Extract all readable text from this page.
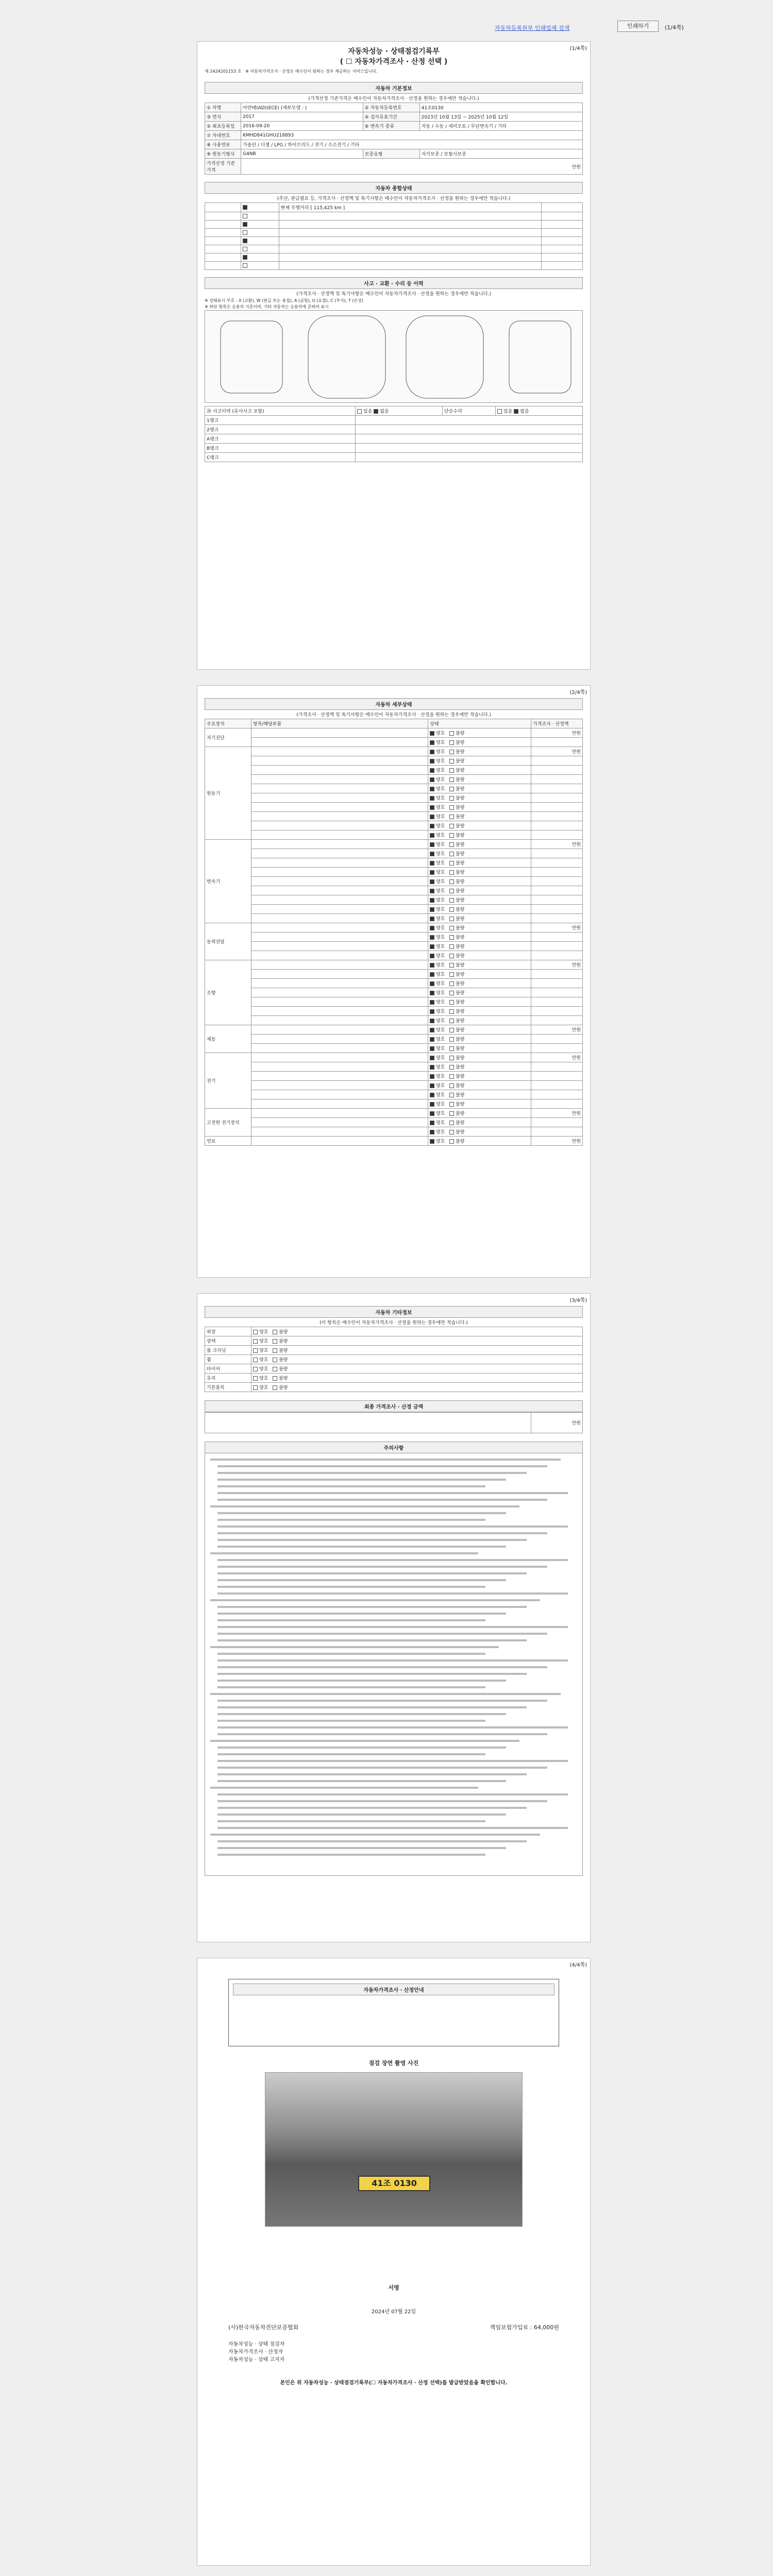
자동차등록원부 인쇄업체 검색	인쇄하기	(1/4쪽)
(1/4쪽)
자동차성능 · 상태점검기록부
( ☐ 자동차가격조사 · 산정 선택 )
제 2424201153 호 ※ 자동차가격조사 · 산정은 매수인이 원하는 경우 제공하는 서비스입니다.
자동차 기본정보
(가격산정 기준가격은 매수인이 자동차가격조사 · 산정을 원하는 경우에만 적습니다.)
① 차명	아반떼(AD)(ECE) (세부모델 : )	② 자동차등록번호	41조0130
③ 연식	2017	④ 검사유효기간	2023년 10월 13일 ~ 2025년 10월 12일
⑤ 최초등록일	2016-09-20	⑥ 변속기 종류	자동 / 수동 / 세미오토 / 무단변속기 / 기타
⑦ 차대번호	KMHD841GHU218893		
⑧ 사용연료	가솔린 / 디젤 / LPG / 하이브리드 / 전기 / 수소전기 / 기타		
⑨ 원동기형식	G4NB	보증유형	자가보증 / 보험사보증
가격산정 기준가격	만원		
자동차 종합상태
(추산, 판금필요 등, 가격조사 · 산정액 및 특기사항은 매수인이 자동차가격조사 · 산정을 원하는 경우에만 적습니다.)
		현재 주행거리 [ 115,425 km ]	

사고 · 교환 · 수리 등 이력
(가격조사 · 산정액 및 특기사항은 매수인이 자동차가격조사 · 산정을 원하는 경우에만 적습니다.)
※ 상태표시 부호 : X (교환), W (판금 또는 용접), A (긁힘), U (요철), C (부식), T (손상)
※ 하단 항목은 승용차 기준이며, 기타 자동차는 승용차에 준하여 표시
⑳ 사고이력 (유사사고 포함)	있음 없음	단순수리	있음 없음
1랭크			
2랭크			
A랭크			
B랭크			
C랭크			
(2/4쪽)
자동차 세부상태
(가격조사 · 산정액 및 특기사항은 매수인이 자동차가격조사 · 산정을 원하는 경우에만 적습니다.)
주요장치	항목/해당부품	상태	가격조사 · 산정액
자기진단		양호   불량	만원
		양호   불량	
원동기		양호   불량	만원
		양호   불량	
		양호   불량	
		양호   불량	
		양호   불량	
		양호   불량	
		양호   불량	
		양호   불량	
		양호   불량	
		양호   불량	
변속기		양호   불량	만원
		양호   불량	
		양호   불량	
		양호   불량	
		양호   불량	
		양호   불량	
		양호   불량	
		양호   불량	
		양호   불량	
동력전달		양호   불량	만원
		양호   불량	
		양호   불량	
		양호   불량	
조향		양호   불량	만원
		양호   불량	
		양호   불량	
		양호   불량	
		양호   불량	
		양호   불량	
		양호   불량	
제동		양호   불량	만원
		양호   불량	
		양호   불량	
전기		양호   불량	만원
		양호   불량	
		양호   불량	
		양호   불량	
		양호   불량	
		양호   불량	
고전원 전기장치		양호   불량	만원
		양호   불량	
		양호   불량	
연료		양호   불량	만원
(3/4쪽)
자동차 기타정보
(이 항목은 매수인이 자동차가격조사 · 산정을 원하는 경우에만 적습니다.)
외장	양호   불량
광택	양호   불량
룸 크리닝	양호   불량
휠	양호   불량
타이어	양호   불량
유리	양호   불량
기본품목	양호   불량
최종 가격조사 · 산정 금액
	만원
주의사항
(4/4쪽)
자동차가격조사 · 산정안내
점검 장면 촬영 사진
41조 0130
서명
2024년 07월 22일
(사)한국자동차진단보증협회	책임보험가입료 : 64,000원
자동차성능 · 상태 점검자
자동차가격조사 · 산정자
자동차성능 · 상태 고지자
본인은 위 자동차성능 · 상태점검기록부(☐ 자동차가격조사 · 산정 선택)를 발급받았음을 확인합니다.
